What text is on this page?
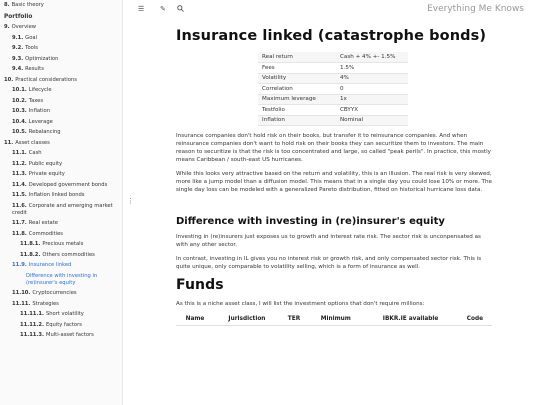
8. Basic theory
Portfolio
9. Overview
9.1. Goal
9.2. Tools
9.3. Optimization
9.4. Results
10. Practical considerations
10.1. Lifecycle
10.2. Taxes
10.3. Inflation
10.4. Leverage
10.5. Rebalancing
11. Asset classes
11.1. Cash
11.2. Public equity
11.3. Private equity
11.4. Developed government bonds
11.5. Inflation linked bonds
11.6. Corporate and emerging market credit
11.7. Real estate
11.8. Commodities
11.8.1. Precious metals
11.8.2. Others commodities
11.9. Insurance linked
Difference with investing in (re)insurer's equity
11.10. Cryptocurrencies
11.11. Strategies
11.11.1. Short volatility
11.11.2. Equity factors
11.11.3. Multi-asset factors
⋮
☰ ✎	Everything Me Knows
Insurance linked (catastrophe bonds)
Real return	Cash + 4% +- 1.5%
Fees	1.5%
Volatility	4%
Correlation	0
Maximum leverage	1x
Testfolio	CBYYX
Inflation	Nominal

Insurance companies don't hold risk on their books, but transfer it to reinsurance companies. And when reinsurance companies don't want to hold risk on their books they can securitize them to investors. The main reason to securitize is that the risk is too concentrated and large, so called "peak perils". In practice, this mostly means Caribbean / south-east US hurricanes.

While this looks very attractive based on the return and volatility, this is an illusion. The real risk is very skewed, more like a jump model than a diffusion model. This means that in a single day you could lose 10% or more. The single day loss can be modeled with a generalized Pareto distribution, fitted on historical hurricane loss data.

Difference with investing in (re)insurer's equity

Investing in (re)insurers just exposes us to growth and interest rate risk. The sector risk is unconpensated as with any other sector.

In contrast, investing in IL gives you no interest risk or growth risk, and only compensated sector risk. This is quite unique, only comparable to volatility selling, which is a form of insurance as well.

Funds

As this is a niche asset class, I will list the investment options that don't require millions:

Name	Jurisdiction	TER	Minimum	IBKR.IE available	Code
